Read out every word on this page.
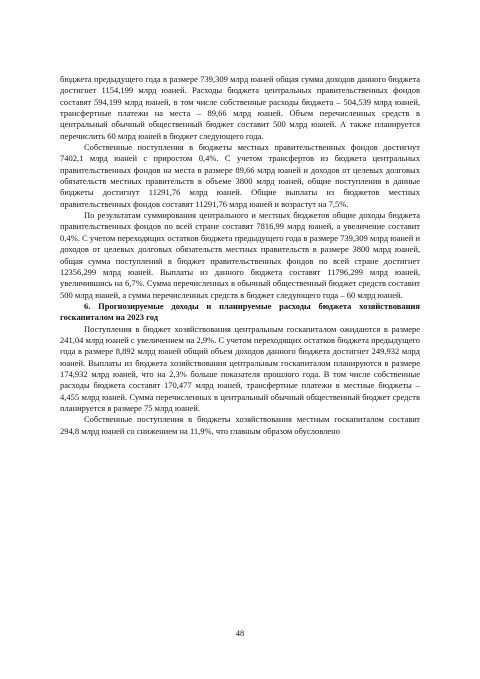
бюджета предыдущего года в размере 739,309 млрд юаней общая сумма доходов данного бюджета достигнет 1154,199 млрд юаней. Расходы бюджета центральных правительственных фондов составят 594,199 млрд юаней, в том числе собственные расходы бюджета – 504,539 млрд юаней, трансфертные платежи на места – 89,66 млрд юаней. Объем перечисленных средств в центральный обычный общественный бюджет составит 500 млрд юаней. А также планируется перечислить 60 млрд юаней в бюджет следующего года.

Собственные поступления в бюджеты местных правительственных фондов достигнут 7402,1 млрд юаней с приростом 0,4%. С учетом трансфертов из бюджета центральных правительственных фондов на места в размере 89,66 млрд юаней и доходов от целевых долговых обязательств местных правительств в объеме 3800 млрд юаней, общие поступления в данные бюджеты достигнут 11291,76 млрд юаней. Общие выплаты из бюджетов местных правительственных фондов составят 11291,76 млрд юаней и возрастут на 7,5%.

По результатам суммирования центрального и местных бюджетов общие доходы бюджета правительственных фондов по всей стране составят 7816,99 млрд юаней, а увеличение составит 0,4%. С учетом переходящих остатков бюджета предыдущего года в размере 739,309 млрд юаней и доходов от целевых долговых обязательств местных правительств в размере 3800 млрд юаней, общая сумма поступлений в бюджет правительственных фондов по всей стране достигнет 12356,299 млрд юаней. Выплаты из данного бюджета составят 11796,299 млрд юаней, увеличившись на 6,7%. Сумма перечисленных в обычный общественный бюджет средств составит 500 млрд юаней, а сумма перечисленных средств в бюджет следующего года – 60 млрд юаней.

6. Прогнозируемые доходы и планируемые расходы бюджета хозяйствования госкапиталом на 2023 год

Поступления в бюджет хозяйствования центральным госкапиталом ожидаются в размере 241,04 млрд юаней с увеличением на 2,9%. С учетом переходящих остатков бюджета предыдущего года в размере 8,892 млрд юаней общий объем доходов данного бюджета достигнет 249,932 млрд юаней. Выплаты из бюджета хозяйствования центральным госкапиталом планируются в размере 174,932 млрд юаней, что на 2,3% больше показателя прошлого года. В том числе собственные расходы бюджета составят 170,477 млрд юаней, трансфертные платежи в местные бюджеты – 4,455 млрд юаней. Сумма перечисленных в центральный обычный общественный бюджет средств планируется в размере 75 млрд юаней.

Собственные поступления в бюджеты хозяйствования местным госкапиталом составят 294,8 млрд юаней со снижением на 11,9%, что главным образом обусловлено

48
